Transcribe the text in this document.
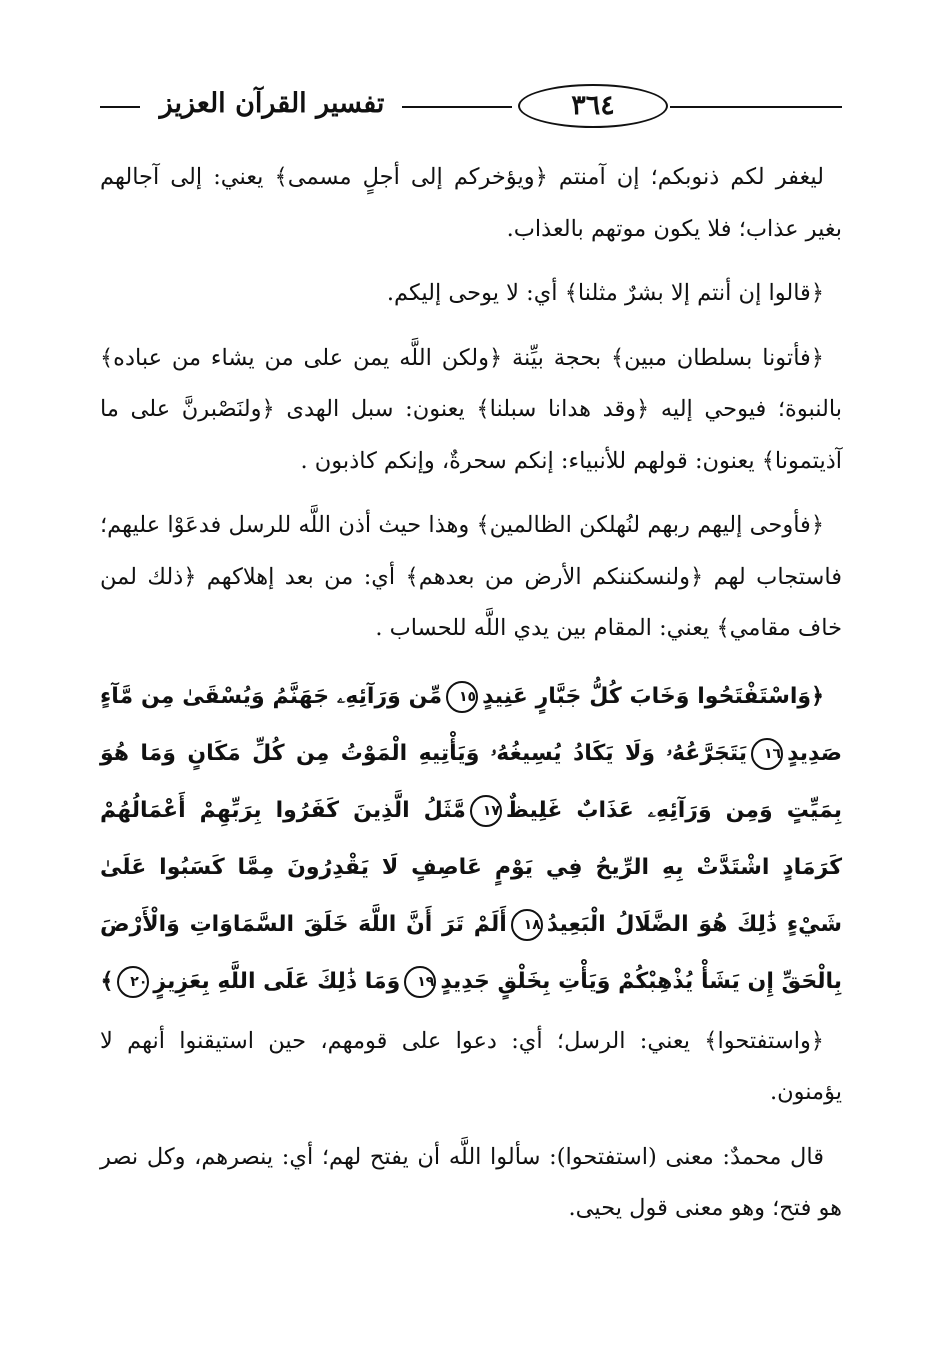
تفسير القرآن العزيز	٣٦٤

ليغفر لكم ذنوبكم؛ إن آمنتم ﴿ويؤخركم إلى أجلٍ مسمى﴾ يعني: إلى آجالهم بغير عذاب؛ فلا يكون موتهم بالعذاب.

﴿قالوا إن أنتم إلا بشرٌ مثلنا﴾ أي: لا يوحى إليكم.

﴿فأتونا بسلطان مبين﴾ بحجة بيِّنة ﴿ولكن اللَّه يمن على من يشاء من عباده﴾ بالنبوة؛ فيوحي إليه ﴿وقد هدانا سبلنا﴾ يعنون: سبل الهدى ﴿ولنَصْبرنَّ على ما آذيتمونا﴾ يعنون: قولهم للأنبياء: إنكم سحرةٌ، وإنكم كاذبون .

﴿فأوحى إليهم ربهم لنُهلكن الظالمين﴾ وهذا حيث أذن اللَّه للرسل فدعَوْا عليهم؛ فاستجاب لهم ﴿ولنسكننكم الأرض من بعدهم﴾ أي: من بعد إهلاكهم ﴿ذلك لمن خاف مقامي﴾ يعني: المقام بين يدي اللَّه للحساب .

﴿وَاسْتَفْتَحُوا وَخَابَ كُلُّ جَبَّارٍ عَنِيدٍ١٥مِّن وَرَآئِهِۦ جَهَنَّمُ وَيُسْقَىٰ مِن مَّآءٍ صَدِيدٍ١٦يَتَجَرَّعُهُۥ وَلَا يَكَادُ يُسِيغُهُۥ وَيَأْتِيهِ الْمَوْتُ مِن كُلِّ مَكَانٍ وَمَا هُوَ بِمَيِّتٍ وَمِن وَرَآئِهِۦ عَذَابٌ غَلِيظٌ١٧مَّثَلُ الَّذِينَ كَفَرُوا بِرَبِّهِمْ أَعْمَالُهُمْ كَرَمَادٍ اشْتَدَّتْ بِهِ الرِّيحُ فِي يَوْمٍ عَاصِفٍ لَا يَقْدِرُونَ مِمَّا كَسَبُوا عَلَىٰ شَيْءٍ ذَٰلِكَ هُوَ الضَّلَالُ الْبَعِيدُ١٨أَلَمْ تَرَ أَنَّ اللَّهَ خَلَقَ السَّمَاوَاتِ وَالْأَرْضَ بِالْحَقِّ إِن يَشَأْ يُذْهِبْكُمْ وَيَأْتِ بِخَلْقٍ جَدِيدٍ١٩وَمَا ذَٰلِكَ عَلَى اللَّهِ بِعَزِيزٍ٢٠﴾

﴿واستفتحوا﴾ يعني: الرسل؛ أي: دعوا على قومهم، حين استيقنوا أنهم لا يؤمنون.

قال محمدٌ: معنى (استفتحوا): سألوا اللَّه أن يفتح لهم؛ أي: ينصرهم، وكل نصر هو فتح؛ وهو معنى قول يحيى.
